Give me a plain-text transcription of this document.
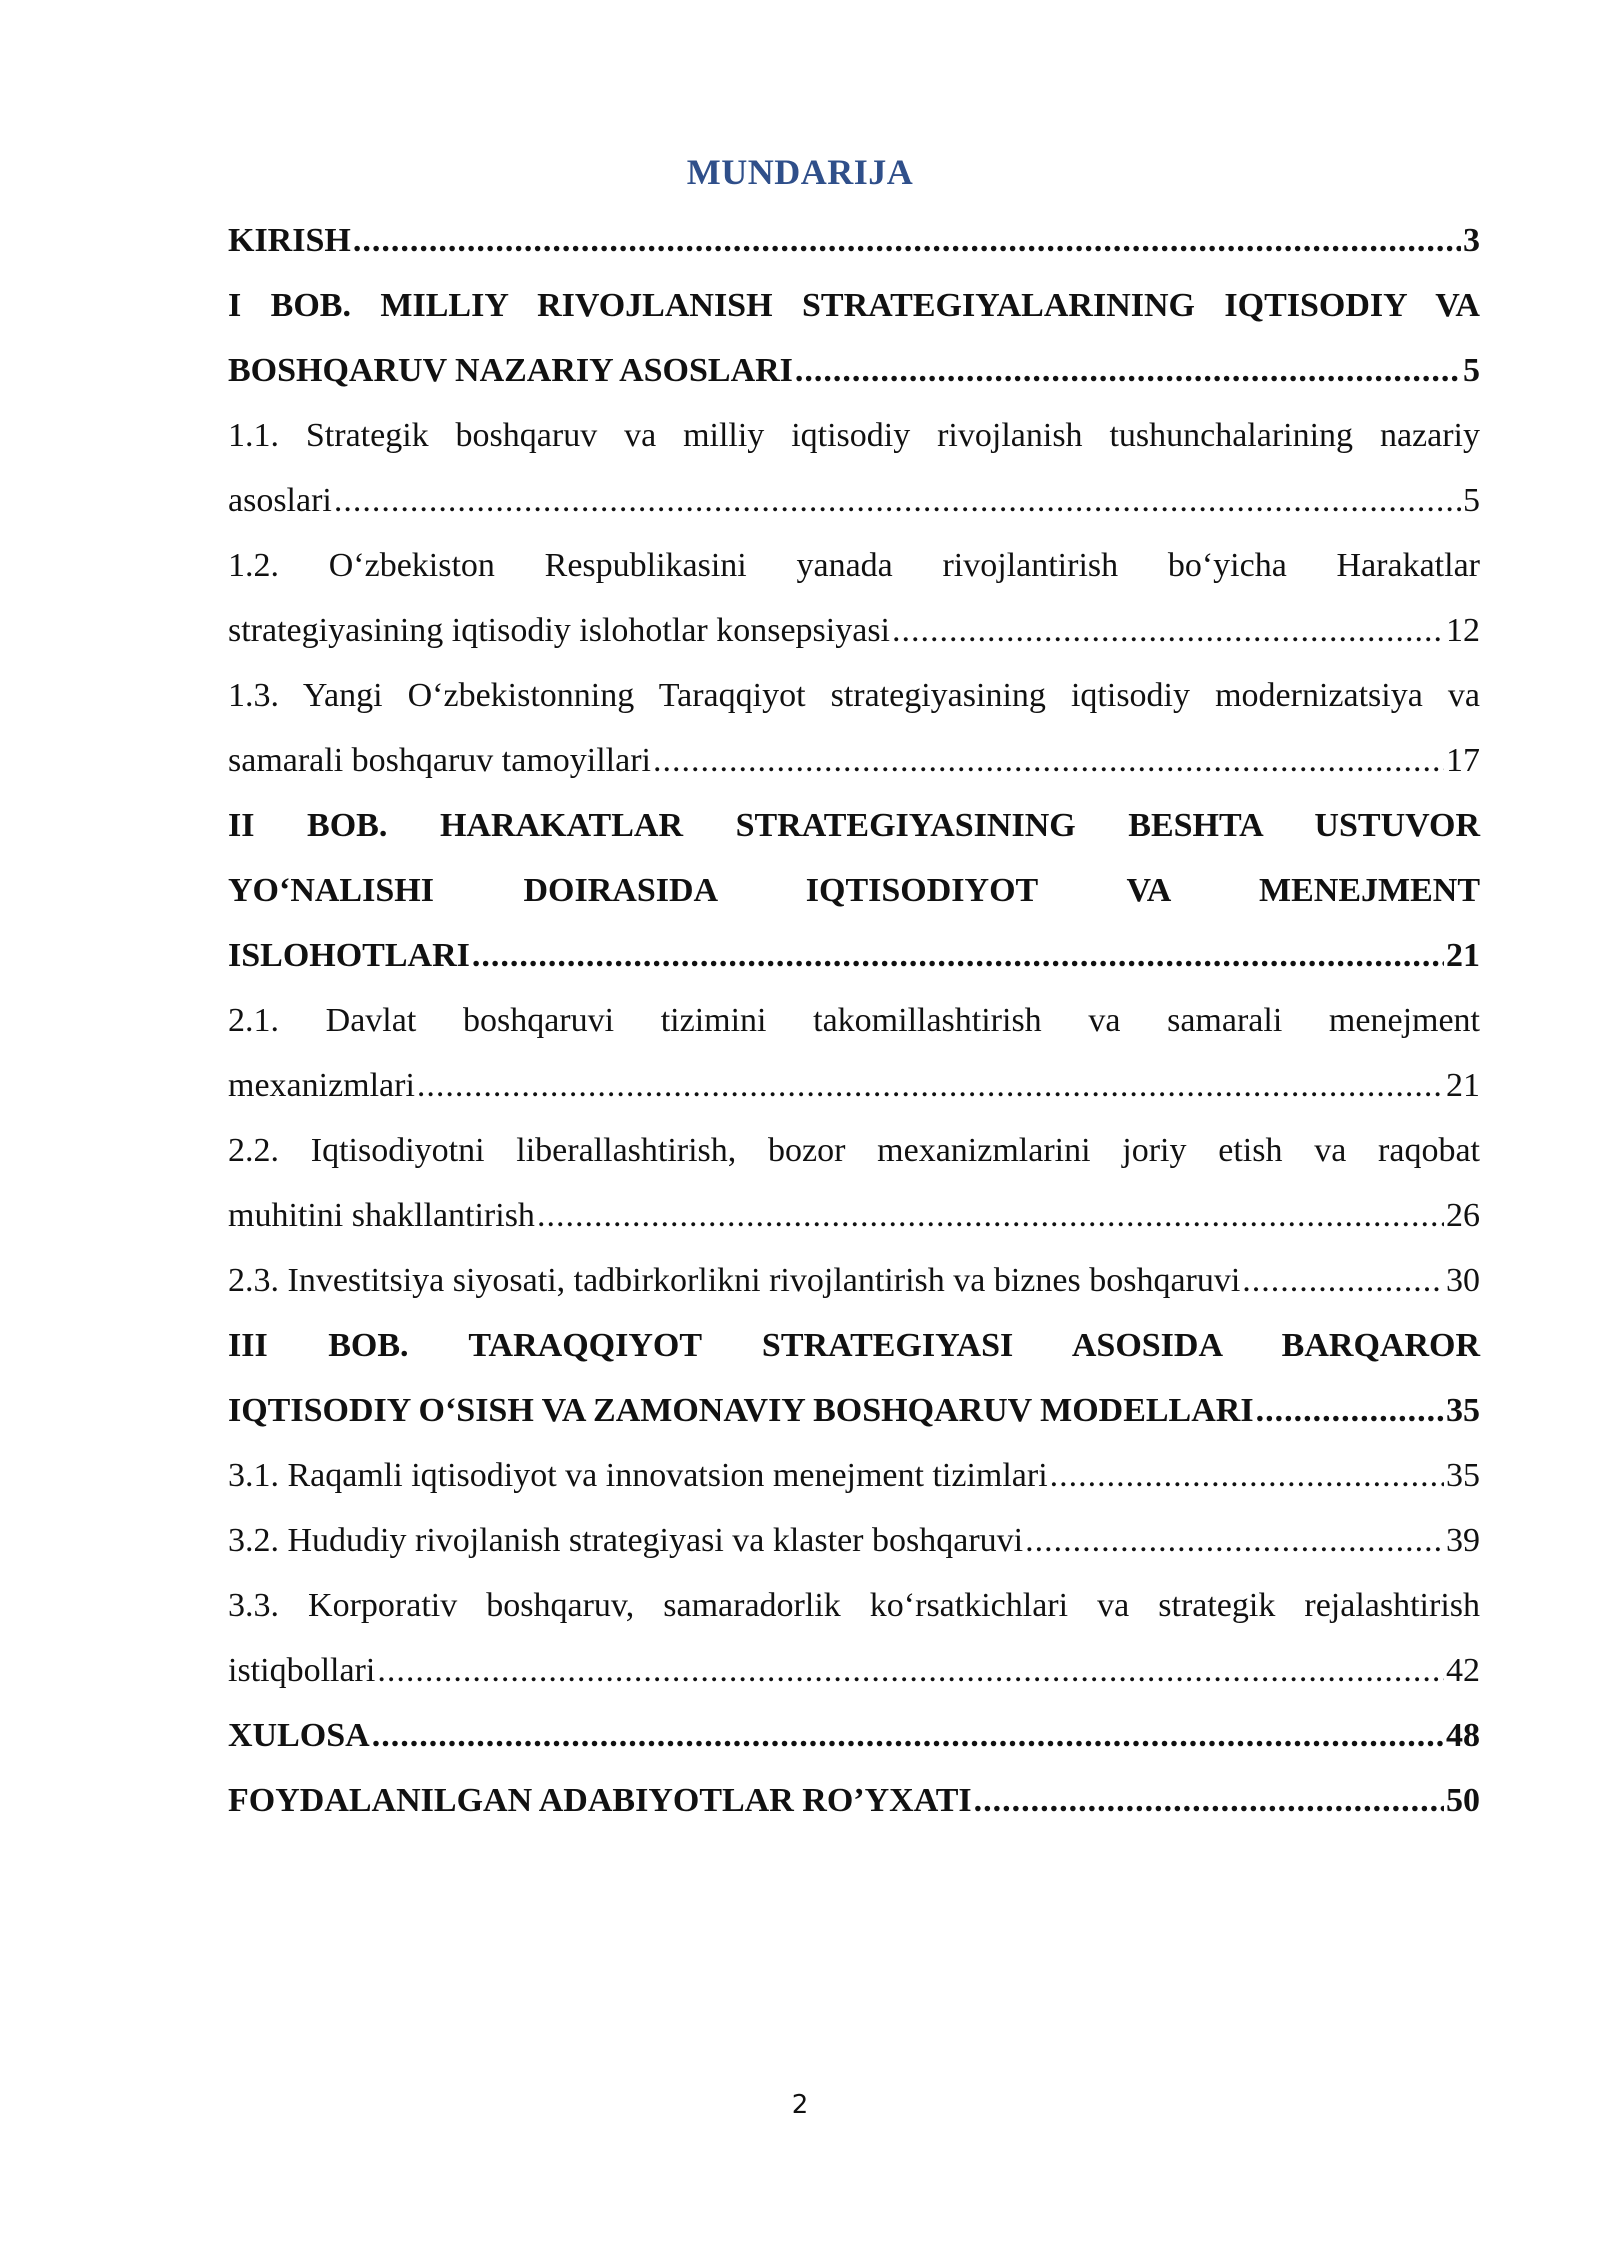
MUNDARIJA
KIRISH .....	3
I BOB. MILLIY RIVOJLANISH STRATEGIYALARINING IQTISODIY VA
BOSHQARUV NAZARIY ASOSLARI .....	5
1.1. Strategik boshqaruv va milliy iqtisodiy rivojlanish tushunchalarining nazariy
asoslari .....	5
1.2. O‘zbekiston Respublikasini yanada rivojlantirish bo‘yicha Harakatlar
strategiyasining iqtisodiy islohotlar konsepsiyasi .....	12
1.3. Yangi O‘zbekistonning Taraqqiyot strategiyasining iqtisodiy modernizatsiya va
samarali boshqaruv tamoyillari .....	17
II BOB. HARAKATLAR STRATEGIYASINING BESHTA USTUVOR
YO‘NALISHI DOIRASIDA IQTISODIYOT VA MENEJMENT
ISLOHOTLARI .....	21
2.1. Davlat boshqaruvi tizimini takomillashtirish va samarali menejment
mexanizmlari .....	21
2.2. Iqtisodiyotni liberallashtirish, bozor mexanizmlarini joriy etish va raqobat
muhitini shakllantirish .....	26
2.3. Investitsiya siyosati, tadbirkorlikni rivojlantirish va biznes boshqaruvi .....	30
III BOB. TARAQQIYOT STRATEGIYASI ASOSIDA BARQAROR
IQTISODIY O‘SISH VA ZAMONAVIY BOSHQARUV MODELLARI .....	35
3.1. Raqamli iqtisodiyot va innovatsion menejment tizimlari .....	35
3.2. Hududiy rivojlanish strategiyasi va klaster boshqaruvi .....	39
3.3. Korporativ boshqaruv, samaradorlik ko‘rsatkichlari va strategik rejalashtirish
istiqbollari .....	42
XULOSA .....	48
FOYDALANILGAN ADABIYOTLAR RO’YXATI .....	50
2
